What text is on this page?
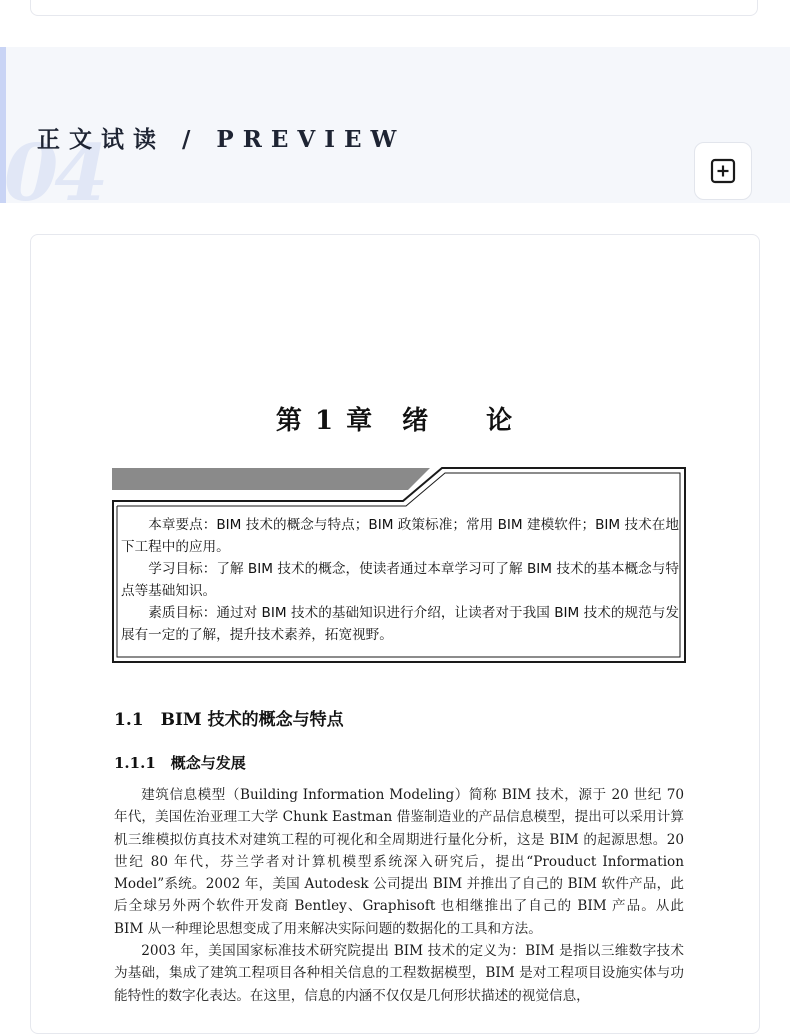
04
正文试读 / PREVIEW
第 1 章　绪　　论

本章要点：BIM 技术的概念与特点；BIM 政策标准；常用 BIM 建模软件；BIM 技术在地下工程中的应用。

学习目标：了解 BIM 技术的概念，使读者通过本章学习可了解 BIM 技术的基本概念与特点等基础知识。

素质目标：通过对 BIM 技术的基础知识进行介绍，让读者对于我国 BIM 技术的规范与发展有一定的了解，提升技术素养，拓宽视野。

1.1　BIM 技术的概念与特点
1.1.1　概念与发展

建筑信息模型（Building Information Modeling）简称 BIM 技术，源于 20 世纪 70 年代，美国佐治亚理工大学 Chunk Eastman 借鉴制造业的产品信息模型，提出可以采用计算机三维模拟仿真技术对建筑工程的可视化和全周期进行量化分析，这是 BIM 的起源思想。20 世纪 80 年代，芬兰学者对计算机模型系统深入研究后，提出“Prouduct Information Model”系统。2002 年，美国 Autodesk 公司提出 BIM 并推出了自己的 BIM 软件产品，此后全球另外两个软件开发商 Bentley、Graphisoft 也相继推出了自己的 BIM 产品。从此 BIM 从一种理论思想变成了用来解决实际问题的数据化的工具和方法。

2003 年，美国国家标准技术研究院提出 BIM 技术的定义为：BIM 是指以三维数字技术为基础，集成了建筑工程项目各种相关信息的工程数据模型，BIM 是对工程项目设施实体与功能特性的数字化表达。在这里，信息的内涵不仅仅是几何形状描述的视觉信息，
